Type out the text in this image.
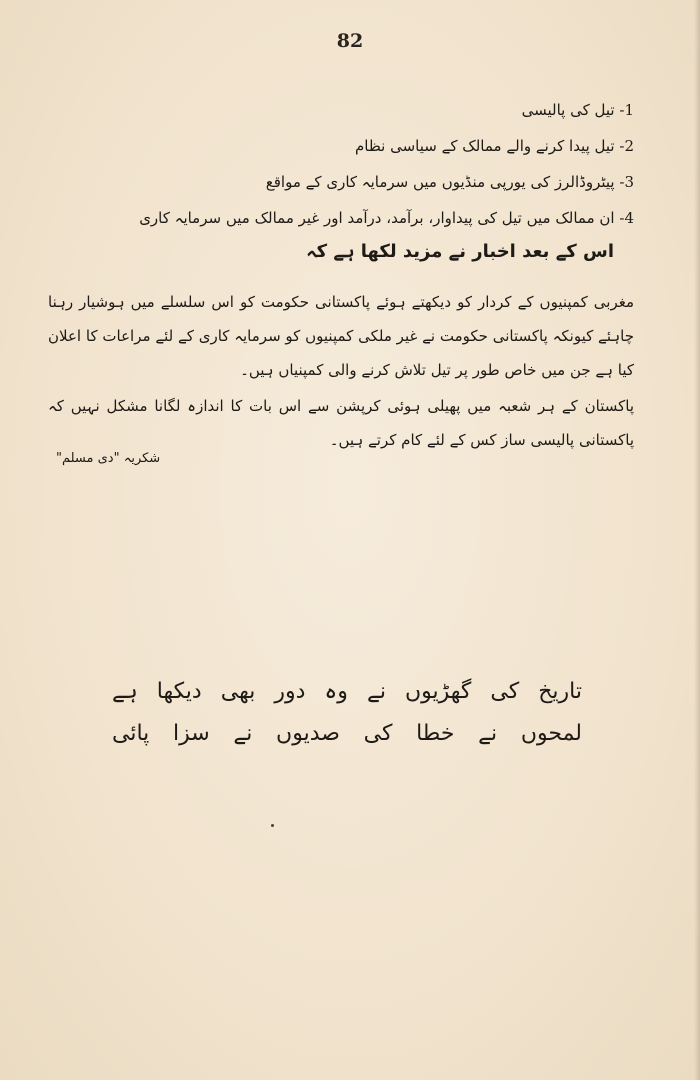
82
1- تیل کی پالیسی
2- تیل پیدا کرنے والے ممالک کے سیاسی نظام
3- پیٹروڈالرز کی یورپی منڈیوں میں سرمایہ کاری کے مواقع
4- ان ممالک میں تیل کی پیداوار، برآمد، درآمد اور غیر ممالک میں سرمایہ کاری
اس کے بعد اخبار نے مزید لکھا ہے کہ

مغربی کمپنیوں کے کردار کو دیکھتے ہوئے پاکستانی حکومت کو اس سلسلے میں ہوشیار رہنا چاہئے کیونکہ پاکستانی حکومت نے غیر ملکی کمپنیوں کو سرمایہ کاری کے لئے مراعات کا اعلان کیا ہے جن میں خاص طور پر تیل تلاش کرنے والی کمپنیاں ہیں۔

پاکستان کے ہر شعبہ میں پھیلی ہوئی کرپشن سے اس بات کا اندازہ لگانا مشکل نہیں کہ پاکستانی پالیسی ساز کس کے لئے کام کرتے ہیں۔

شکریہ "دی مسلم"
تاریخ کی گھڑیوں نے وہ دور بھی دیکھا ہے
لمحوں نے خطا کی صدیوں نے سزا پائی
